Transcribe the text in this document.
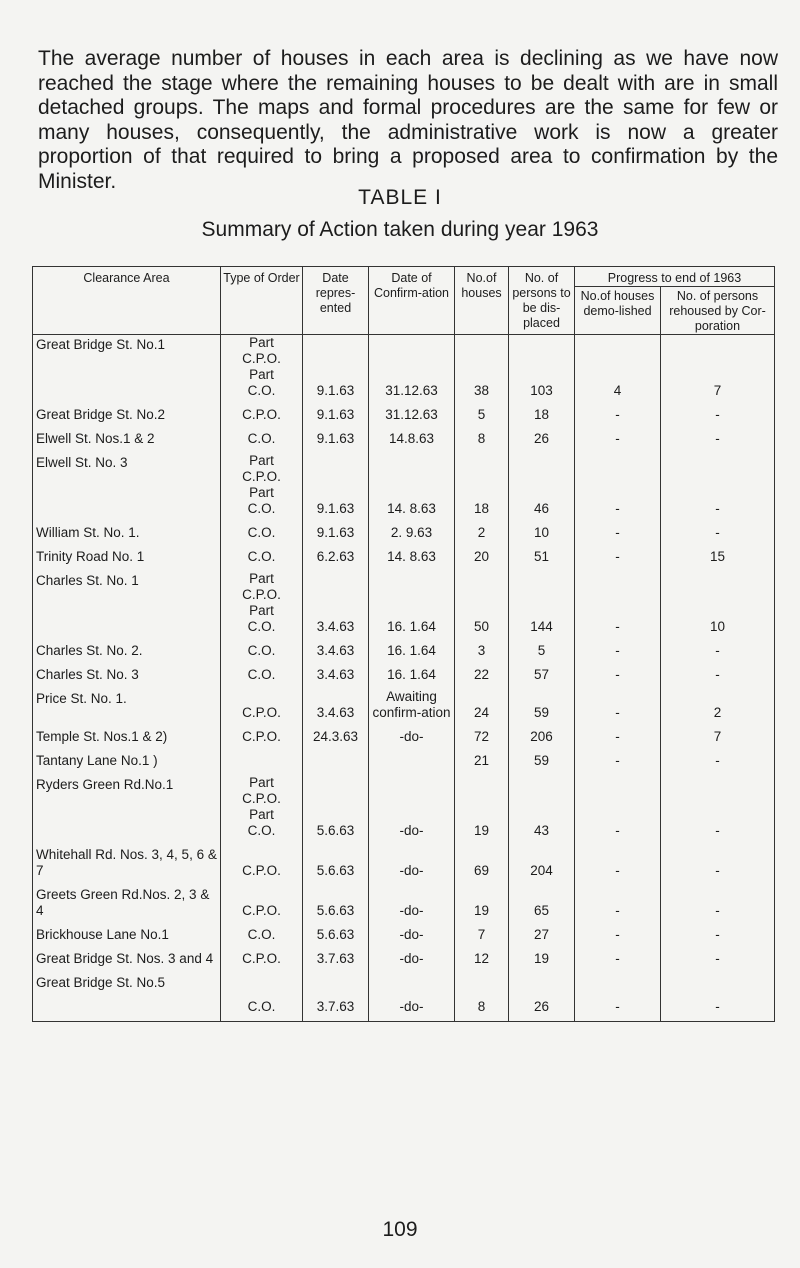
The average number of houses in each area is declining as we have now reached the stage where the remaining houses to be dealt with are in small detached groups. The maps and formal procedures are the same for few or many houses, consequently, the administrative work is now a greater proportion of that required to bring a proposed area to confirmation by the Minister.

TABLE I
Summary of Action taken during year 1963
Clearance Area	Type of Order	Date repres-ented	Date of Confirm-ation	No.of houses	No. of persons to be dis-placed	Progress to end of 1963	
						No.of houses demo-lished	No. of persons rehoused by Cor-poration
Great Bridge St. No.1	Part
C.P.O.
Part
C.O.	9.1.63	31.12.63	38	103	4	7
Great Bridge St. No.2	C.P.O.	9.1.63	31.12.63	5	18	-	-
Elwell St. Nos.1 & 2	C.O.	9.1.63	14.8.63	8	26	-	-
Elwell St. No. 3	Part
C.P.O.
Part
C.O.	9.1.63	14. 8.63	18	46	-	-
William St. No. 1.	C.O.	9.1.63	2. 9.63	2	10	-	-
Trinity Road No. 1	C.O.	6.2.63	14. 8.63	20	51	-	15
Charles St. No. 1	Part
C.P.O.
Part
C.O.	3.4.63	16. 1.64	50	144	-	10
Charles St. No. 2.	C.O.	3.4.63	16. 1.64	3	5	-	-
Charles St. No. 3	C.O.	3.4.63	16. 1.64	22	57	-	-
Price St. No. 1.	C.P.O.	3.4.63	Awaiting confirm-ation	24	59	-	2
Temple St. Nos.1 & 2)	C.P.O.	24.3.63	-do-	72	206	-	7
Tantany Lane No.1 )				21	59	-	-
Ryders Green Rd.No.1	Part
C.P.O.
Part
C.O.	5.6.63	-do-	19	43	-	-
Whitehall Rd. Nos. 3, 4, 5, 6 & 7	C.P.O.	5.6.63	-do-	69	204	-	-
Greets Green Rd.Nos. 2, 3 & 4	C.P.O.	5.6.63	-do-	19	65	-	-
Brickhouse Lane No.1	C.O.	5.6.63	-do-	7	27	-	-
Great Bridge St. Nos. 3 and 4	C.P.O.	3.7.63	-do-	12	19	-	-
Great Bridge St. No.5	C.O.	3.7.63	-do-	8	26	-	-
109
